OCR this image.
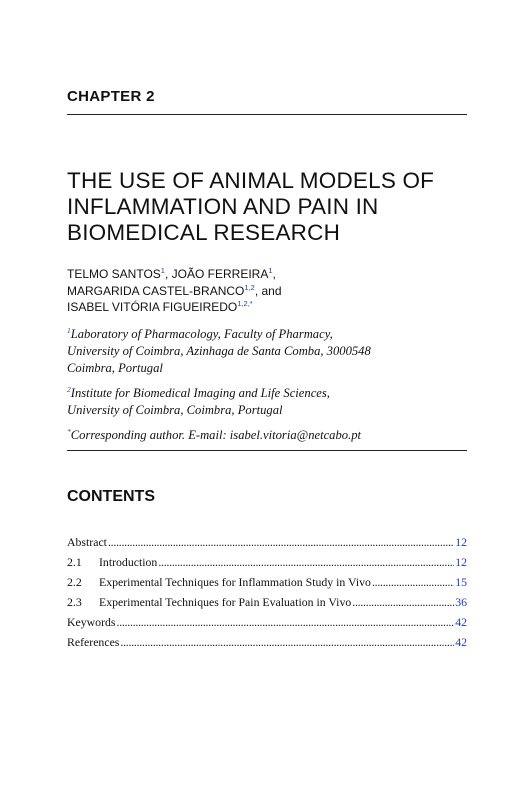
CHAPTER 2
THE USE OF ANIMAL MODELS OF
INFLAMMATION AND PAIN IN
BIOMEDICAL RESEARCH
TELMO SANTOS$^1$, JOÃO FERREIRA$^1$,
MARGARIDA CASTEL-BRANCO$^{1,2}$, and
ISABEL VITÓRIA $FIGUEIREDO^{1,2,*}$
$^1$Laboratory of Pharmacology, Faculty of Pharmacy,
University of Coimbra, Azinhaga de Santa Comba, 3000548
Coimbra, Portugal
$^2$Institute for Biomedical Imaging and Life Sciences,
University of Coimbra, Coimbra, Portugal
*Corresponding author. E-mail: isabel.vitoria@netcabo.pt
CONTENTS
Abstract . . .	12
2.1	Introduction . . .	12
2.2	Experimental Techniques for Inflammation Study in Vivo . . .	15
2.3	Experimental Techniques for Pain Evaluation in Vivo . . .	36
Keywords . . .	42
References . . .	42
